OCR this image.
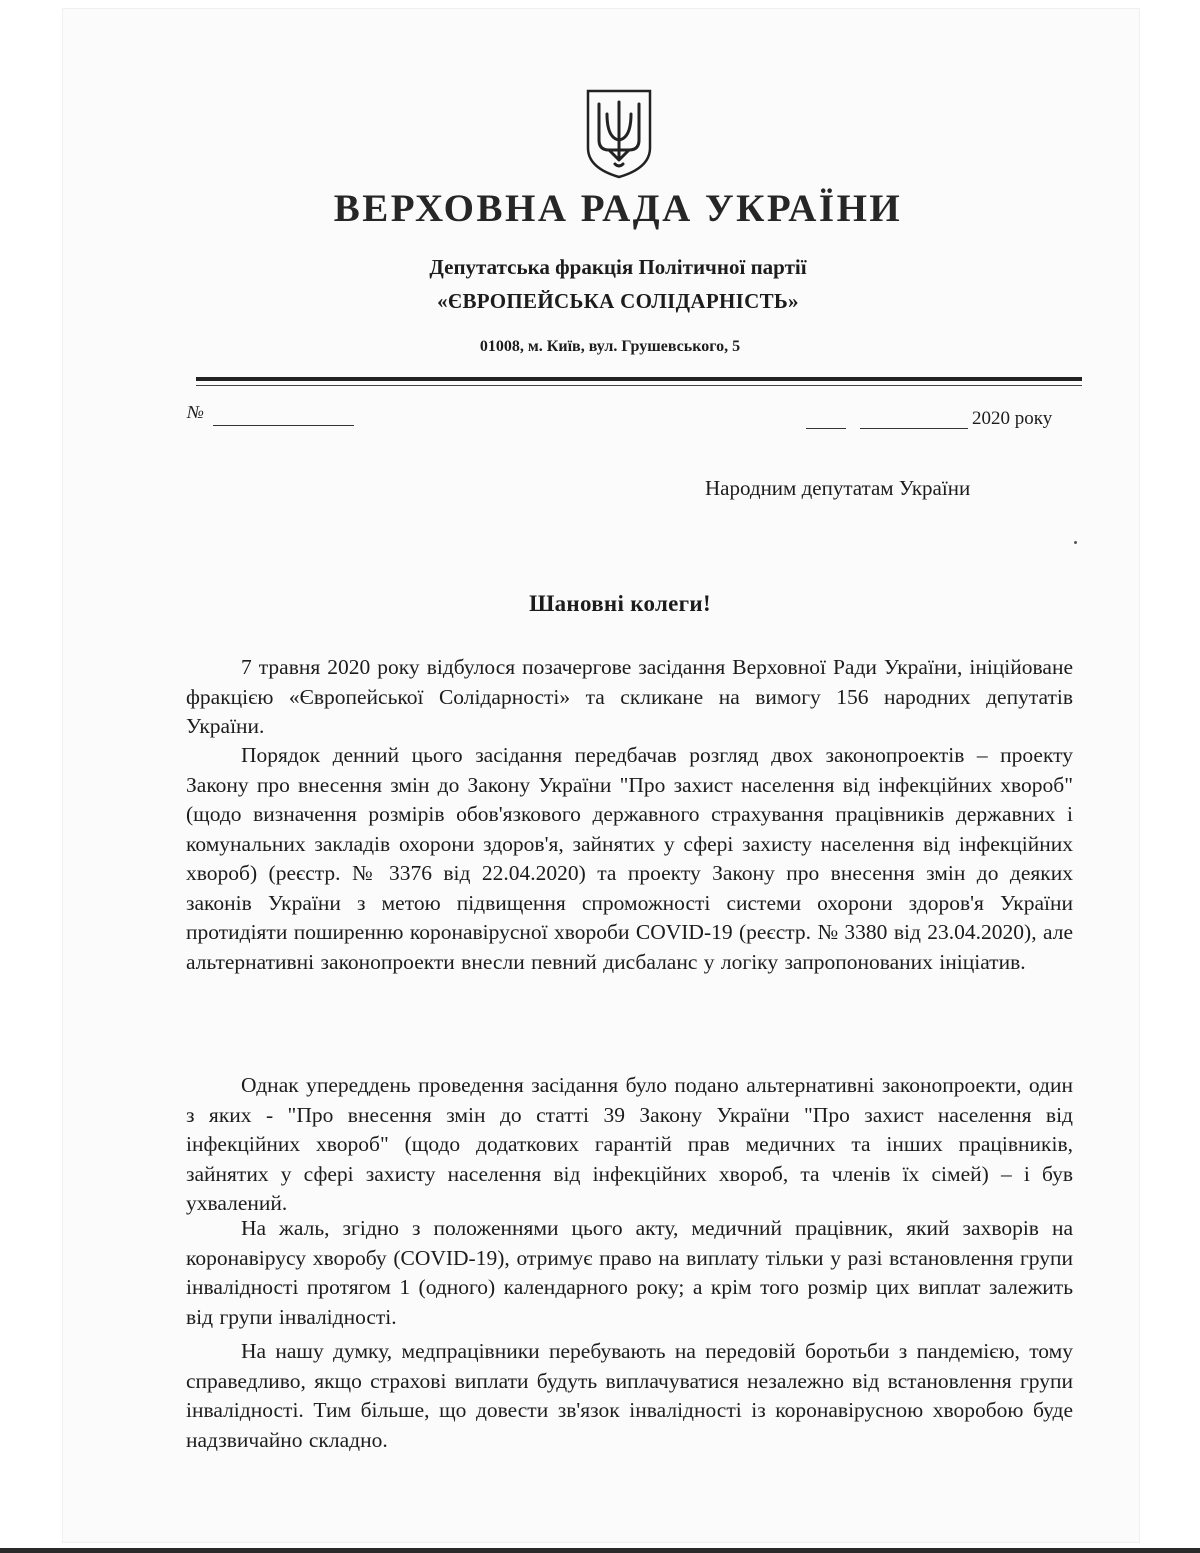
ВЕРХОВНА РАДА УКРАЇНИ
Депутатська фракція Політичної партії
«ЄВРОПЕЙСЬКА СОЛІДАРНІСТЬ»
01008, м. Київ, вул. Грушевського, 5
№	2020 року
Народним депутатам України
Шановні колеги!
7 травня 2020 року відбулося позачергове засідання Верховної Ради України, ініційоване фракцією «Європейської Солідарності» та скликане на вимогу 156 народних депутатів України.
Порядок денний цього засідання передбачав розгляд двох законопроектів – проекту Закону про внесення змін до Закону України "Про захист населення від інфекційних хвороб" (щодо визначення розмірів обов'язкового державного страхування працівників державних і комунальних закладів охорони здоров'я, зайнятих у сфері захисту населення від інфекційних хвороб) (реєстр. № 3376 від 22.04.2020) та проекту Закону про внесення змін до деяких законів України з метою підвищення спроможності системи охорони здоров'я України протидіяти поширенню коронавірусної хвороби COVID-19 (реєстр. № 3380 від 23.04.2020), але альтернативні законопроекти внесли певний дисбаланс у логіку запропонованих ініціатив.
Однак упереддень проведення засідання було подано альтернативні законопроекти, один з яких - "Про внесення змін до статті 39 Закону України "Про захист населення від інфекційних хвороб" (щодо додаткових гарантій прав медичних та інших працівників, зайнятих у сфері захисту населення від інфекційних хвороб, та членів їх сімей) – і був ухвалений.
На жаль, згідно з положеннями цього акту, медичний працівник, який захворів на коронавірусу хворобу (COVID-19), отримує право на виплату тільки у разі встановлення групи інвалідності протягом 1 (одного) календарного року; а крім того розмір цих виплат залежить від групи інвалідності.
На нашу думку, медпрацівники перебувають на передовій боротьби з пандемією, тому справедливо, якщо страхові виплати будуть виплачуватися незалежно від встановлення групи інвалідності. Тим більше, що довести зв'язок інвалідності із коронавірусною хворобою буде надзвичайно складно.
